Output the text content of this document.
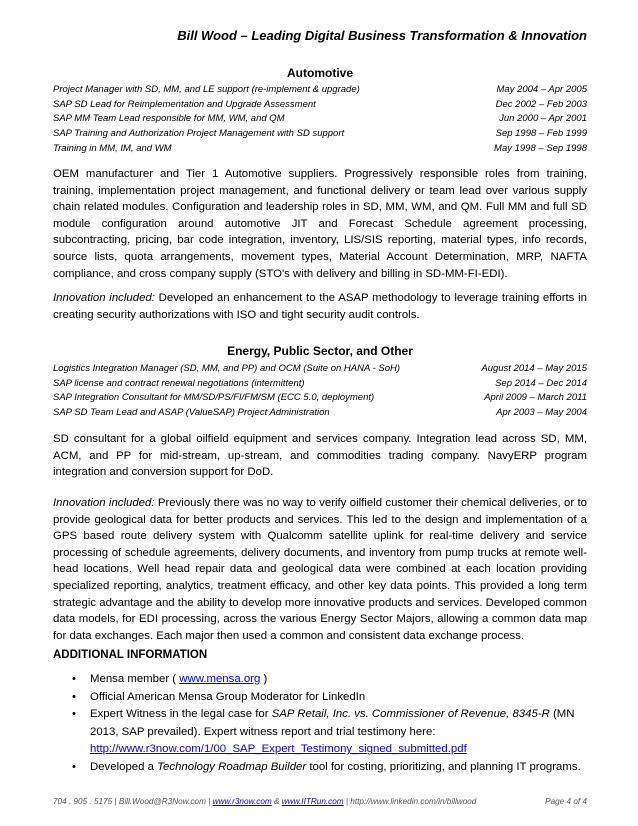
Bill Wood – Leading Digital Business Transformation & Innovation
Automotive
Project Manager with SD, MM, and LE support (re-implement & upgrade)	May 2004 – Apr 2005
SAP SD Lead for Reimplementation and Upgrade Assessment	Dec 2002 – Feb 2003
SAP MM Team Lead responsible for MM, WM, and QM	Jun 2000 – Apr 2001
SAP Training and Authorization Project Management with SD support	Sep 1998 – Feb 1999
Training in MM, IM, and WM	May 1998 – Sep 1998

OEM manufacturer and Tier 1 Automotive suppliers. Progressively responsible roles from training, training, implementation project management, and functional delivery or team lead over various supply chain related modules. Configuration and leadership roles in SD, MM, WM, and QM. Full MM and full SD module configuration around automotive JIT and Forecast Schedule agreement processing, subcontracting, pricing, bar code integration, inventory, LIS/SIS reporting, material types, info records, source lists, quota arrangements, movement types, Material Account Determination, MRP, NAFTA compliance, and cross company supply (STO's with delivery and billing in SD-MM-FI-EDI).

Innovation included: Developed an enhancement to the ASAP methodology to leverage training efforts in creating security authorizations with ISO and tight security audit controls.

Energy, Public Sector, and Other
Logistics Integration Manager (SD, MM, and PP) and OCM (Suite on HANA - SoH)	August 2014 – May 2015
SAP license and contract renewal negotiations (intermittent)	Sep 2014 – Dec 2014
SAP Integration Consultant for MM/SD/PS/FI/FM/SM (ECC 5.0, deployment)	April 2009 – March 2011
SAP SD Team Lead and ASAP (ValueSAP) Project Administration	Apr 2003 – May 2004

SD consultant for a global oilfield equipment and services company. Integration lead across SD, MM, ACM, and PP for mid-stream, up-stream, and commodities trading company. NavyERP program integration and conversion support for DoD.

Innovation included: Previously there was no way to verify oilfield customer their chemical deliveries, or to provide geological data for better products and services. This led to the design and implementation of a GPS based route delivery system with Qualcomm satellite uplink for real-time delivery and service processing of schedule agreements, delivery documents, and inventory from pump trucks at remote well-head locations. Well head repair data and geological data were combined at each location providing specialized reporting, analytics, treatment efficacy, and other key data points. This provided a long term strategic advantage and the ability to develop more innovative products and services. Developed common data models, for EDI processing, across the various Energy Sector Majors, allowing a common data map for data exchanges. Each major then used a common and consistent data exchange process.

ADDITIONAL INFORMATION
• Mensa member ( www.mensa.org )
• Official American Mensa Group Moderator for LinkedIn
• Expert Witness in the legal case for SAP Retail, Inc. vs. Commissioner of Revenue, 8345-R (MN 2013, SAP prevailed). Expert witness report and trial testimony here:
http://www.r3now.com/1/00_SAP_Expert_Testimony_signed_submitted.pdf
• Developed a Technology Roadmap Builder tool for costing, prioritizing, and planning IT programs.
704 . 905 . 5175 | Bill.Wood@R3Now.com | www.r3now.com & www.IITRun.com | http://www.linkedin.com/in/billwood	Page 4 of 4
